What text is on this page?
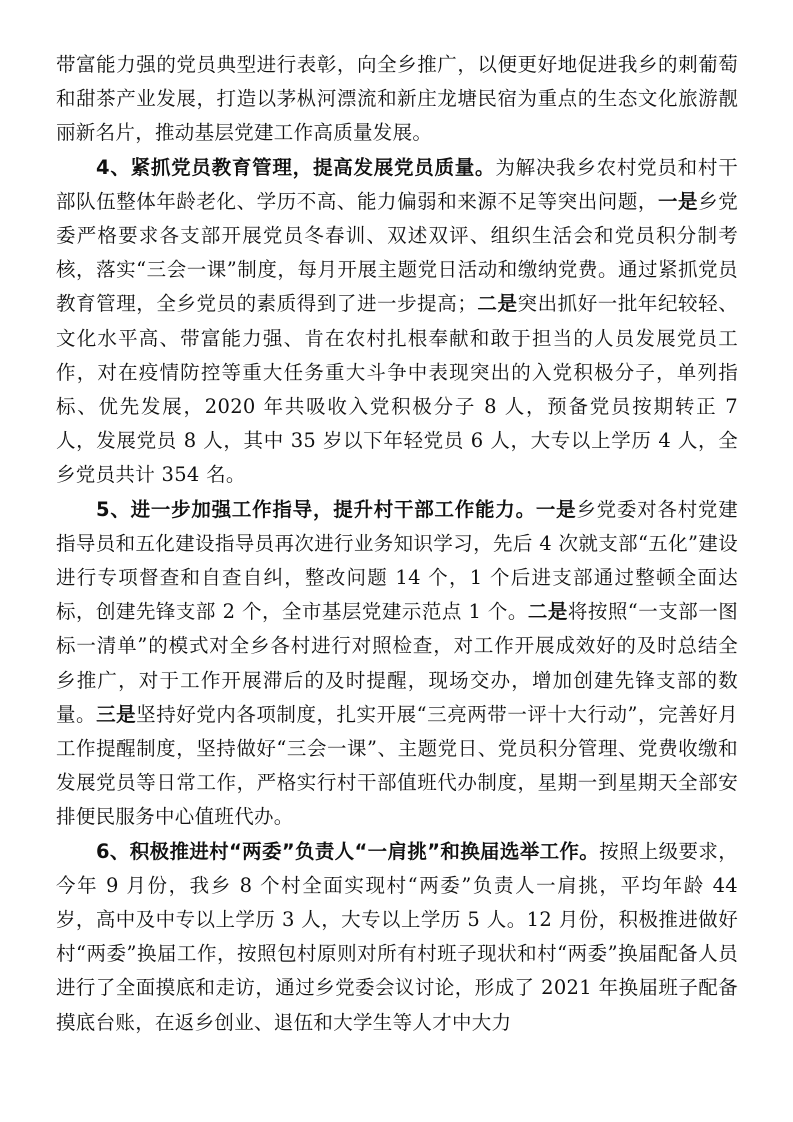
带富能力强的党员典型进行表彰，向全乡推广，以便更好地促进我乡的刺葡萄和甜茶产业发展，打造以茅枞河漂流和新庄龙塘民宿为重点的生态文化旅游靓丽新名片，推动基层党建工作高质量发展。

4、紧抓党员教育管理，提高发展党员质量。为解决我乡农村党员和村干部队伍整体年龄老化、学历不高、能力偏弱和来源不足等突出问题，一是乡党委严格要求各支部开展党员冬春训、双述双评、组织生活会和党员积分制考核，落实“三会一课”制度，每月开展主题党日活动和缴纳党费。通过紧抓党员教育管理，全乡党员的素质得到了进一步提高；二是突出抓好一批年纪较轻、文化水平高、带富能力强、肯在农村扎根奉献和敢于担当的人员发展党员工作，对在疫情防控等重大任务重大斗争中表现突出的入党积极分子，单列指标、优先发展，2020 年共吸收入党积极分子 8 人，预备党员按期转正 7 人，发展党员 8 人，其中 35 岁以下年轻党员 6 人，大专以上学历 4 人，全乡党员共计 354 名。

5、进一步加强工作指导，提升村干部工作能力。一是乡党委对各村党建指导员和五化建设指导员再次进行业务知识学习，先后 4 次就支部“五化”建设进行专项督查和自查自纠，整改问题 14 个，1 个后进支部通过整顿全面达标，创建先锋支部 2 个，全市基层党建示范点 1 个。二是将按照“一支部一图标一清单”的模式对全乡各村进行对照检查，对工作开展成效好的及时总结全乡推广，对于工作开展滞后的及时提醒，现场交办，增加创建先锋支部的数量。三是坚持好党内各项制度，扎实开展“三亮两带一评十大行动”，完善好月工作提醒制度，坚持做好“三会一课”、主题党日、党员积分管理、党费收缴和发展党员等日常工作，严格实行村干部值班代办制度，星期一到星期天全部安排便民服务中心值班代办。

6、积极推进村“两委”负责人“一肩挑”和换届选举工作。按照上级要求，今年 9 月份，我乡 8 个村全面实现村“两委”负责人一肩挑，平均年龄 44 岁，高中及中专以上学历 3 人，大专以上学历 5 人。12 月份，积极推进做好村“两委”换届工作，按照包村原则对所有村班子现状和村“两委”换届配备人员进行了全面摸底和走访，通过乡党委会议讨论，形成了 2021 年换届班子配备摸底台账，在返乡创业、退伍和大学生等人才中大力
